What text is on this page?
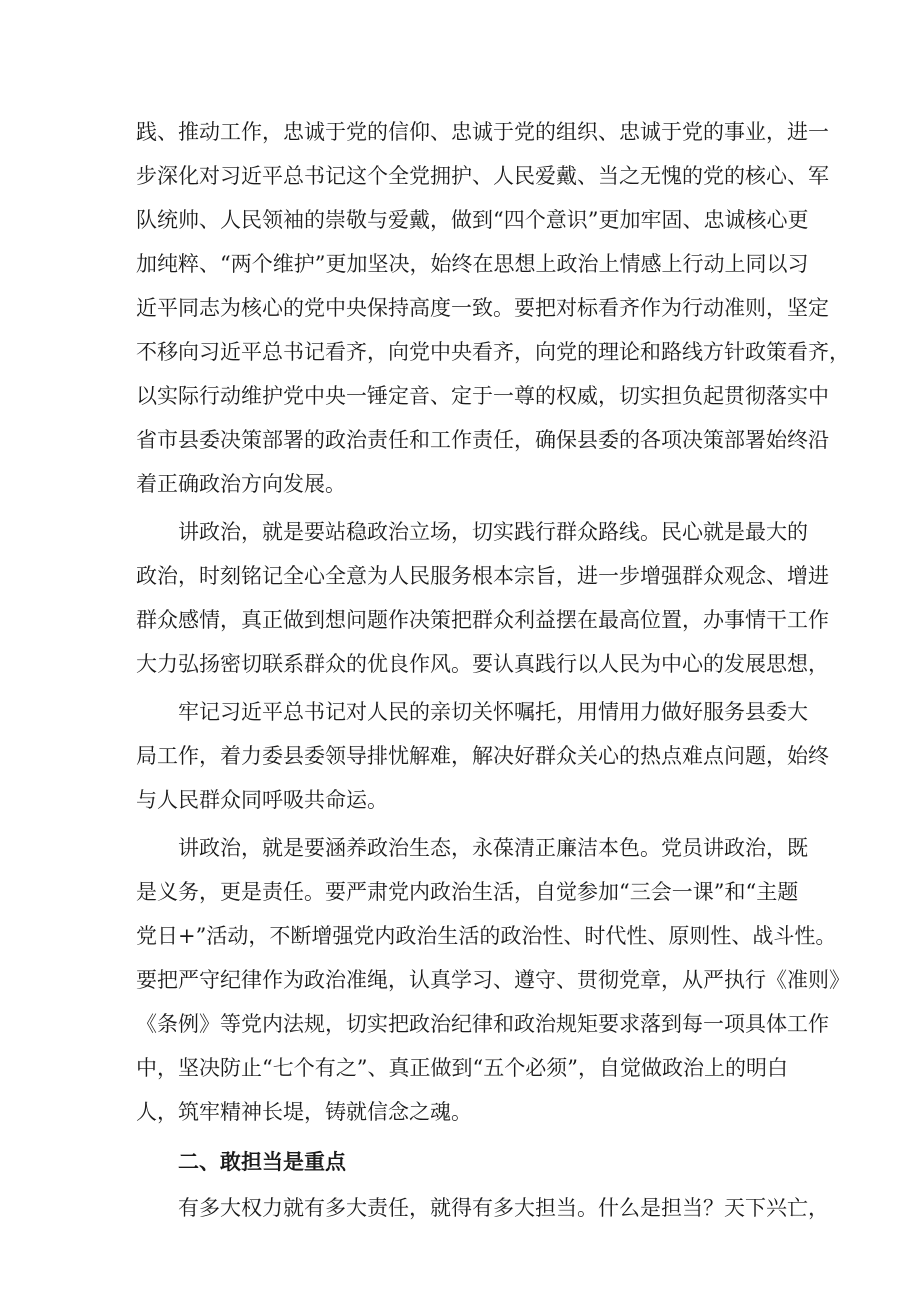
践、推动工作，忠诚于党的信仰、忠诚于党的组织、忠诚于党的事业，进一
步深化对习近平总书记这个全党拥护、人民爱戴、当之无愧的党的核心、军
队统帅、人民领袖的崇敬与爱戴，做到“四个意识”更加牢固、忠诚核心更
加纯粹、“两个维护”更加坚决，始终在思想上政治上情感上行动上同以习
近平同志为核心的党中央保持高度一致。要把对标看齐作为行动准则，坚定
不移向习近平总书记看齐，向党中央看齐，向党的理论和路线方针政策看齐，
以实际行动维护党中央一锤定音、定于一尊的权威，切实担负起贯彻落实中
省市县委决策部署的政治责任和工作责任，确保县委的各项决策部署始终沿
着正确政治方向发展。
讲政治，就是要站稳政治立场，切实践行群众路线。民心就是最大的
政治，时刻铭记全心全意为人民服务根本宗旨，进一步增强群众观念、增进
群众感情，真正做到想问题作决策把群众利益摆在最高位置，办事情干工作
大力弘扬密切联系群众的优良作风。要认真践行以人民为中心的发展思想，
牢记习近平总书记对人民的亲切关怀嘱托，用情用力做好服务县委大
局工作，着力委县委领导排忧解难，解决好群众关心的热点难点问题，始终
与人民群众同呼吸共命运。
讲政治，就是要涵养政治生态，永葆清正廉洁本色。党员讲政治，既
是义务，更是责任。要严肃党内政治生活，自觉参加“三会一课”和“主题
党日+”活动，不断增强党内政治生活的政治性、时代性、原则性、战斗性。
要把严守纪律作为政治准绳，认真学习、遵守、贯彻党章，从严执行《准则》
《条例》等党内法规，切实把政治纪律和政治规矩要求落到每一项具体工作
中，坚决防止“七个有之”、真正做到“五个必须”，自觉做政治上的明白
人，筑牢精神长堤，铸就信念之魂。
二、敢担当是重点
有多大权力就有多大责任，就得有多大担当。什么是担当？天下兴亡，
